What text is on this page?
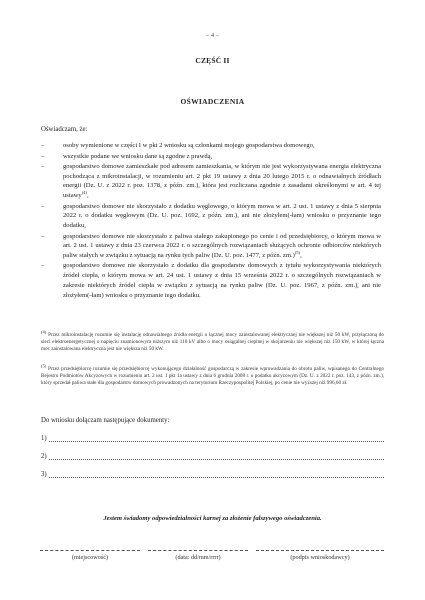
– 4 –
CZĘŚĆ II
OŚWIADCZENIA
Oświadczam, że:
–	osoby wymienione w części I w pkt 2 wniosku są członkami mojego gospodarstwa domowego,
–	wszystkie podane we wniosku dane są zgodne z prawdą,
–	gospodarstwo domowe zamieszkałe pod adresem zamieszkania, w którym nie jest wykorzystywana energia elektryczna pochodząca z mikroinstalacji, w rozumieniu art. 2 pkt 19 ustawy z dnia 20 lutego 2015 r. o odnawialnych źródłach energii (Dz. U. z 2022 r. poz. 1378, z późn. zm.), która jest rozliczana zgodnie z zasadami określonymi w art. 4 tej ustawy$^{(4)}$,
–	gospodarstwo domowe nie skorzystało z dodatku węglowego, o którym mowa w art. 2 ust. 1 ustawy z dnia 5 sierpnia 2022 r. o dodatku węglowym (Dz. U. poz. 1692, z późn. zm.), ani nie złożyłem(-łam) wniosku o przyznanie tego dodatku,
–	gospodarstwo domowe nie skorzystało z paliwa stałego zakupionego po cenie i od przedsiębiorcy, o którym mowa w art. 2 ust. 1 ustawy z dnia 23 czerwca 2022 r. o szczególnych rozwiązaniach służących ochronie odbiorców niektórych paliw stałych w związku z sytuacją na rynku tych paliw (Dz. U. poz. 1477, z późn. zm.)$^{(5)}$,
–	gospodarstwo domowe nie skorzystało z dodatku dla gospodarstw domowych z tytułu wykorzystywania niektórych źródeł ciepła, o którym mowa w art. 24 ust. 1 ustawy z dnia 15 września 2022 r. o szczególnych rozwiązaniach w zakresie niektórych źródeł ciepła w związku z sytuacją na rynku paliw (Dz. U. poz. 1967, z późn. zm.), ani nie złożyłem(-łam) wniosku o przyznanie tego dodatku.
$^{(4)}$ Przez mikroinstalację rozumie się instalację odnawialnego źródła energii o łącznej mocy zainstalowanej elektrycznej nie większej niż 50 kW, przyłączoną do sieci elektroenergetycznej o napięciu znamionowym niższym niż 110 kV albo o mocy osiągalnej cieplnej w skojarzeniu nie większej niż 150 kW, w której łączna moc zainstalowana elektryczna jest nie większa niż 50 kW.
$^{(5)}$ Przez przedsiębiorcę rozumie się przedsiębiorcę wykonującego działalność gospodarczą w zakresie wprowadzania do obrotu paliw, wpisanego do Centralnego Rejestru Podmiotów Akcyzowych w rozumieniu art. 2 ust. 1 pkt 1a ustawy z dnia 6 grudnia 2008 r. o podatku akcyzowym (Dz. U. z 2022 r. poz. 143, z późn. zm.), który sprzedał paliwa stałe dla gospodarstw domowych prowadzonych na terytorium Rzeczypospolitej Polskiej, po cenie nie wyższej niż 996,60 zł.
Do wniosku dołączam następujące dokumenty:
1)
2)
3)
Jestem świadomy odpowiedzialności karnej za złożenie fałszywego oświadczenia.
(miejscowość)	(data: dd/mm/rrrr)	(podpis wnioskodawcy)
